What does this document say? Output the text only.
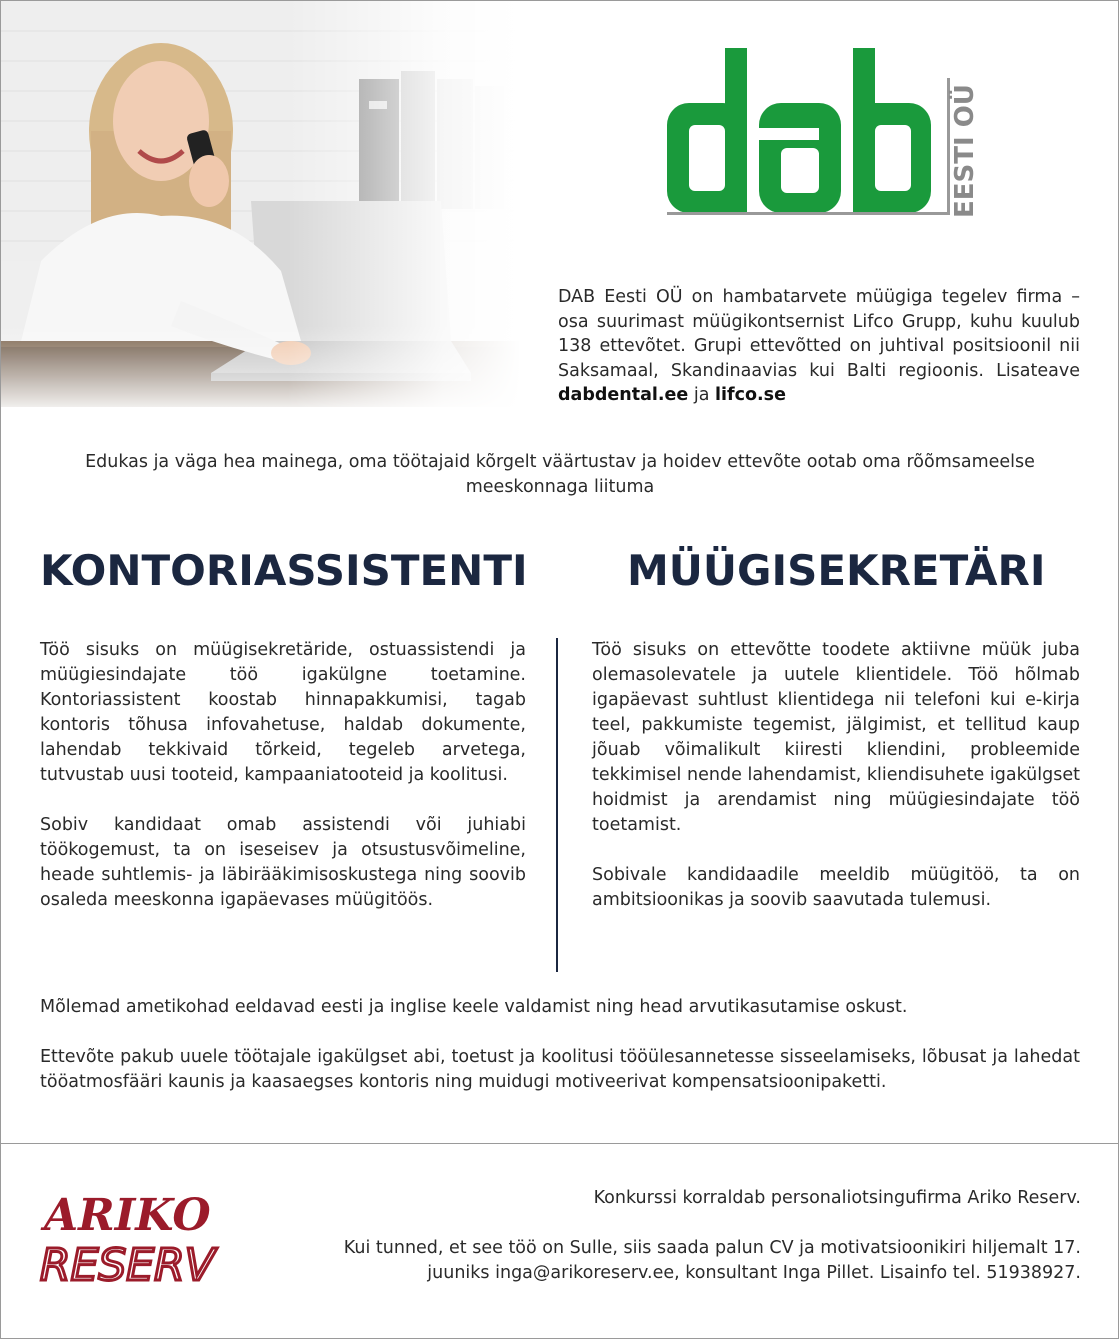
EESTI OÜ
DAB Eesti OÜ on hambatarvete müügiga tegelev firma – osa suurimast müügikontsernist Lifco Grupp, kuhu kuulub 138 ettevõtet. Grupi ettevõtted on juhtival positsioonil nii Saksamaal, Skandinaavias kui Balti regioonis. Lisateave dabdental.ee ja lifco.se
Edukas ja väga hea mainega, oma töötajaid kõrgelt väärtustav ja hoidev ettevõte ootab oma rõõmsameelse meeskonnaga liituma
KONTORIASSISTENTI MÜÜGISEKRETÄRI

Töö sisuks on müügisekretäride, ostuassistendi ja müügiesindajate töö igakülgne toetamine. Kontoriassistent koostab hinnapakkumisi, tagab kontoris tõhusa infovahetuse, haldab dokumente, lahendab tekkivaid tõrkeid, tegeleb arvetega, tutvustab uusi tooteid, kampaaniatooteid ja koolitusi.

Sobiv kandidaat omab assistendi või juhiabi töökogemust, ta on iseseisev ja otsustusvõimeline, heade suhtlemis- ja läbirääkimisoskustega ning soovib osaleda meeskonna igapäevases müügitöös.

Töö sisuks on ettevõtte toodete aktiivne müük juba olemasolevatele ja uutele klientidele. Töö hõlmab igapäevast suhtlust klientidega nii telefoni kui e-kirja teel, pakkumiste tegemist, jälgimist, et tellitud kaup jõuab võimalikult kiiresti kliendini, probleemide tekkimisel nende lahendamist, kliendisuhete igakülgset hoidmist ja arendamist ning müügiesindajate töö toetamist.

Sobivale kandidaadile meeldib müügitöö, ta on ambitsioonikas ja soovib saavutada tulemusi.

Mõlemad ametikohad eeldavad eesti ja inglise keele valdamist ning head arvutikasutamise oskust.
Ettevõte pakub uuele töötajale igakülgset abi, toetust ja koolitusi tööülesannetesse sisseelamiseks, lõbusat ja lahedat tööatmosfääri kaunis ja kaasaegses kontoris ning muidugi motiveerivat kompensatsioonipaketti.
ARIKO
RESERV
Konkurssi korraldab personaliotsingufirma Ariko Reserv.
Kui tunned, et see töö on Sulle, siis saada palun CV ja motivatsioonikiri hiljemalt 17. juuniks inga@arikoreserv.ee, konsultant Inga Pillet. Lisainfo tel. 51938927.
